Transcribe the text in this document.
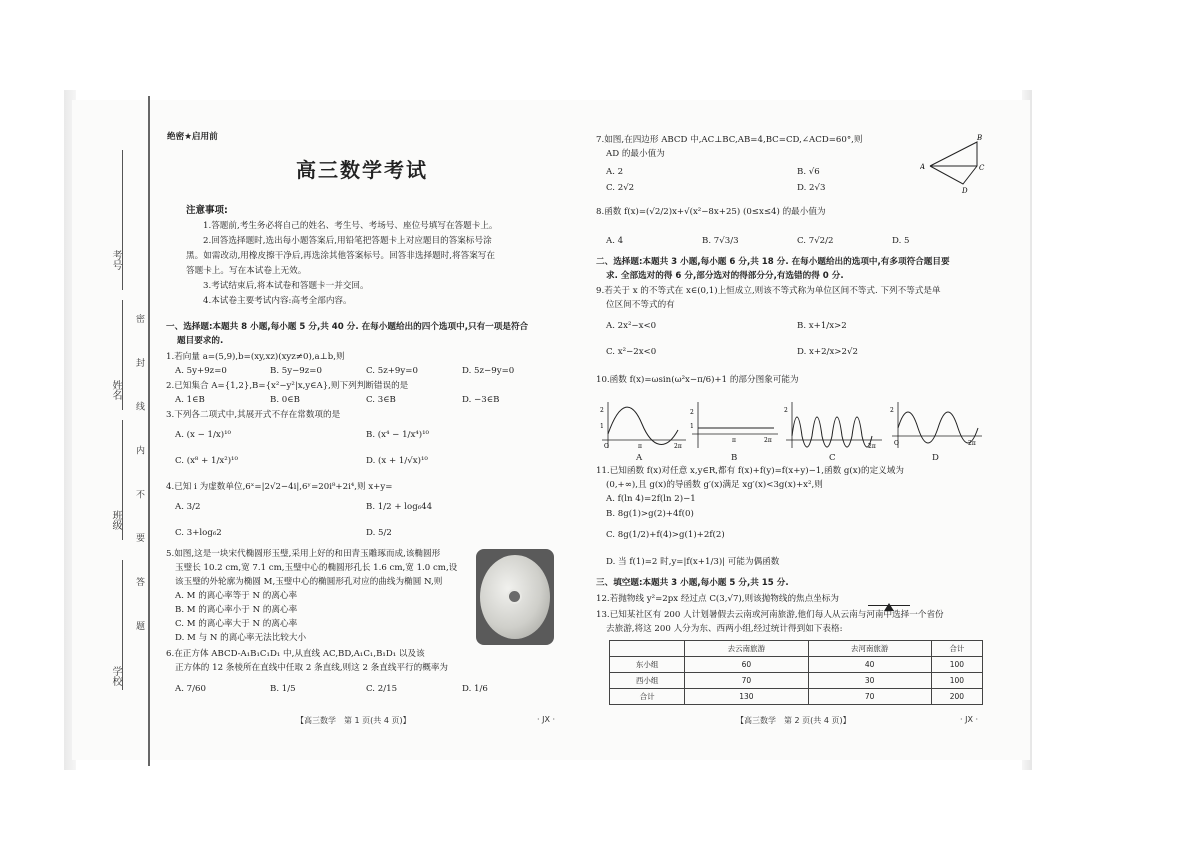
考号
姓名
班级
学校
密 封 线 内 不 要 答 题
绝密★启用前
高三数学考试
注意事项:
1.答题前,考生务必将自己的姓名、考生号、考场号、座位号填写在答题卡上。
2.回答选择题时,选出每小题答案后,用铅笔把答题卡上对应题目的答案标号涂
黑。如需改动,用橡皮擦干净后,再选涂其他答案标号。回答非选择题时,将答案写在
答题卡上。写在本试卷上无效。
3.考试结束后,将本试卷和答题卡一并交回。
4.本试卷主要考试内容:高考全部内容。
一、选择题:本题共 8 小题,每小题 5 分,共 40 分. 在每小题给出的四个选项中,只有一项是符合
题目要求的.
1.若向量 a=(5,9),b=(xy,xz)(xyz≠0),a⊥b,则
A. 5y+9z=0	B. 5y−9z=0	C. 5z+9y=0	D. 5z−9y=0
2.已知集合 A={1,2},B={x²−y²|x,y∈A},则下列判断错误的是
A. 1∈B	B. 0∈B	C. 3∈B	D. −3∈B
3.下列各二项式中,其展开式不存在常数项的是
A. (x − 1/x)¹⁰	B. (x⁴ − 1/x⁴)¹⁰
C. (x⁸ + 1/x²)¹⁰	D. (x + 1/√x)¹⁰
4.已知 i 为虚数单位,6ˣ=|2√2−4i|,6ʸ=20i⁸+2i⁴,则 x+y=
A. 3/2	B. 1/2 + log₆44
C. 3+log₆2	D. 5/2
5.如图,这是一块宋代椭圆形玉璧,采用上好的和田青玉雕琢而成,该椭圆形
玉璧长 10.2 cm,宽 7.1 cm,玉璧中心的椭圆形孔长 1.6 cm,宽 1.0 cm,设
该玉璧的外轮廓为椭圆 M,玉璧中心的椭圆形孔对应的曲线为椭圆 N,则
A. M 的离心率等于 N 的离心率
B. M 的离心率小于 N 的离心率
C. M 的离心率大于 N 的离心率
D. M 与 N 的离心率无法比较大小
6.在正方体 ABCD-A₁B₁C₁D₁ 中,从直线 AC,BD,A₁C₁,B₁D₁ 以及该
正方体的 12 条棱所在直线中任取 2 条直线,则这 2 条直线平行的概率为
A. 7/60	B. 1/5	C. 2/15	D. 1/6
【高三数学　第 1 页(共 4 页)】	· JX ·
7.如图,在四边形 ABCD 中,AC⊥BC,AB=4,BC=CD,∠ACD=60°,则
AD 的最小值为
A. 2	B. √6
C. 2√2	D. 2√3
A
B
C
D
8.函数 f(x)=(√2/2)x+√(x²−8x+25) (0≤x≤4) 的最小值为
A. 4	B. 7√3/3	C. 7√2/2	D. 5
二、选择题:本题共 3 小题,每小题 6 分,共 18 分. 在每小题给出的选项中,有多项符合题目要
求. 全部选对的得 6 分,部分选对的得部分分,有选错的得 0 分.
9.若关于 x 的不等式在 x∈(0,1)上恒成立,则该不等式称为单位区间不等式. 下列不等式是单
位区间不等式的有
A. 2x²−x<0	B. x+1/x>2
C. x²−2x<0	D. x+2/x>2√2
10.函数 f(x)=ωsin(ω²x−π/6)+1 的部分图象可能为
2
1
O	π	2π
2
1
π	2π
2
2π
2
O	2π
A	B	C	D
11.已知函数 f(x)对任意 x,y∈R,都有 f(x)+f(y)=f(x+y)−1,函数 g(x)的定义域为
(0,+∞),且 g(x)的导函数 g′(x)满足 xg′(x)<3g(x)+x²,则
A. f(ln 4)=2f(ln 2)−1
B. 8g(1)>g(2)+4f(0)
C. 8g(1/2)+f(4)>g(1)+2f(2)
D. 当 f(1)=2 时,y=|f(x+1/3)| 可能为偶函数
三、填空题:本题共 3 小题,每小题 5 分,共 15 分.
12.若抛物线 y²=2px 经过点 C(3,√7),则该抛物线的焦点坐标为
13.已知某社区有 200 人计划暑假去云南或河南旅游,他们每人从云南与河南中选择一个省份
去旅游,将这 200 人分为东、西两小组,经过统计得到如下表格:
	去云南旅游	去河南旅游	合计
东小组	60	40	100
西小组	70	30	100
合计	130	70	200
【高三数学　第 2 页(共 4 页)】	· JX ·
